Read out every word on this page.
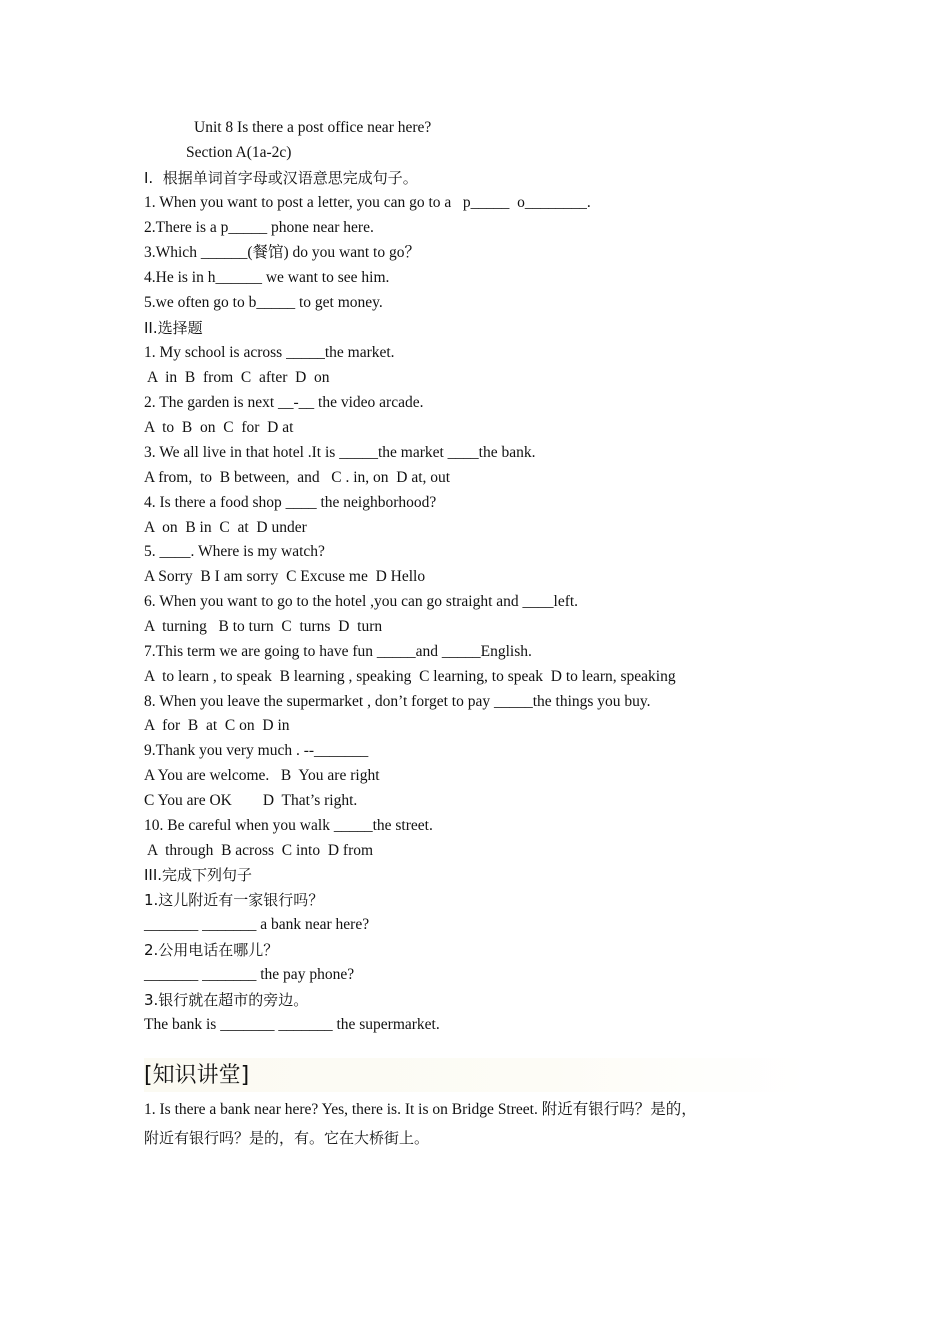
Unit 8 Is there a post office near here?
Section A(1a-2c)
I.  根据单词首字母或汉语意思完成句子。
1. When you want to post a letter, you can go to a   p_____  o________.
2.There is a p_____ phone near here.
3.Which ______(餐馆) do you want to go？
4.He is in h______ we want to see him.
5.we often go to b_____ to get money.
II.选择题
1. My school is across _____the market.
A  in  B  from  C  after  D  on
2. The garden is next __-__ the video arcade.
A  to  B  on  C  for  D at
3. We all live in that hotel .It is _____the market ____the bank.
A from,  to  B between,  and   C . in, on  D at, out
4. Is there a food shop ____ the neighborhood?
A  on  B in  C  at  D under
5. ____. Where is my watch?
A Sorry  B I am sorry  C Excuse me  D Hello
6. When you want to go to the hotel ,you can go straight and ____left.
A  turning   B to turn  C  turns  D  turn
7.This term we are going to have fun _____and _____English.
A  to learn , to speak  B learning , speaking  C learning, to speak  D to learn, speaking
8. When you leave the supermarket , don’t forget to pay _____the things you buy.
A  for  B  at  C on  D in
9.Thank you very much . --_______
A You are welcome.   B  You are right
C You are OK        D  That’s right.
10. Be careful when you walk _____the street.
A  through  B across  C into  D from
III.完成下列句子
1.这儿附近有一家银行吗？
_______ _______ a bank near here?
2.公用电话在哪儿？
_______ _______ the pay phone?
3.银行就在超市的旁边。
The bank is _______ _______ the supermarket.
[知识讲堂]
1. Is there a bank near here? Yes, there is. It is on Bridge Street. 附近有银行吗？是的，
附近有银行吗？是的，有。它在大桥街上。
